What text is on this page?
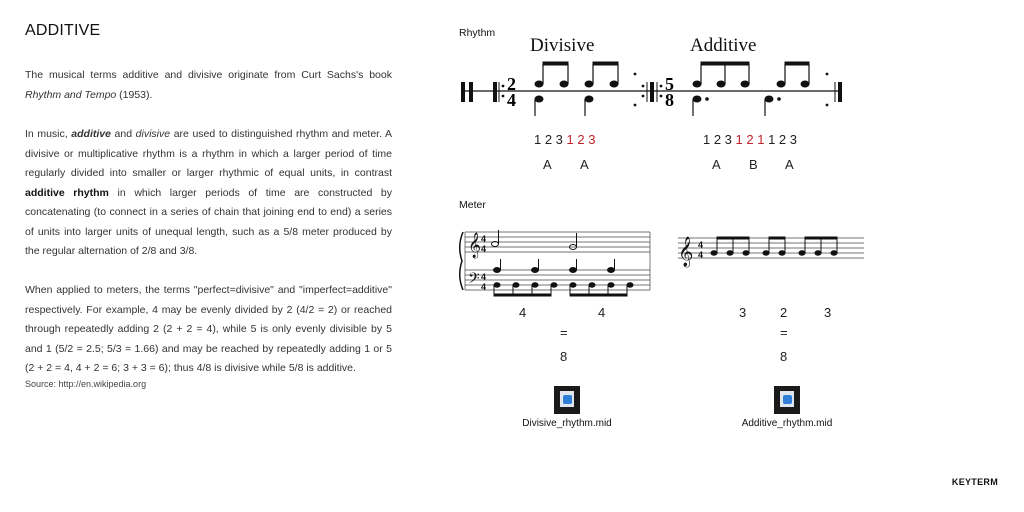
ADDITIVE
The musical terms additive and divisive originate from Curt Sachs's book Rhythm and Tempo (1953).
In music, additive and divisive are used to distinguished rhythm and meter. A divisive or multiplicative rhythm is a rhythm in which a larger period of time regularly divided into smaller or larger rhythmic of equal units, in contrast additive rhythm in which larger periods of time are constructed by concatenating (to connect in a series of chain that joining end to end) a series of units into larger units of unequal length, such as a 5/8 meter produced by the regular alternation of 2/8 and 3/8.
When applied to meters, the terms "perfect=divisive" and "imperfect=additive" respectively. For example, 4 may be evenly divided by 2 (4/2 = 2) or reached through repeatedly adding 2 (2 + 2 = 4), while 5 is only evenly divisible by 5 and 1 (5/2 = 2.5; 5/3 = 1.66) and may be reached by repeatedly adding 1 or 5 (2 + 2 = 4, 4 + 2 = 6; 3 + 3 = 6); thus 4/8 is divisive while 5/8 is additive.
Source: http://en.wikipedia.org
Rhythm
Divisive	Additive
2
4
5
8
1 2 3 1 2 3
A A
1 2 3 1 2 1 1 2 3
A B A
Meter
𝄞
𝄢
4
4
4
4
𝄞 4
4
4	4
=
8
3	2	3
=
8
Divisive_rhythm.mid	Additive_rhythm.mid
KEYTERM
